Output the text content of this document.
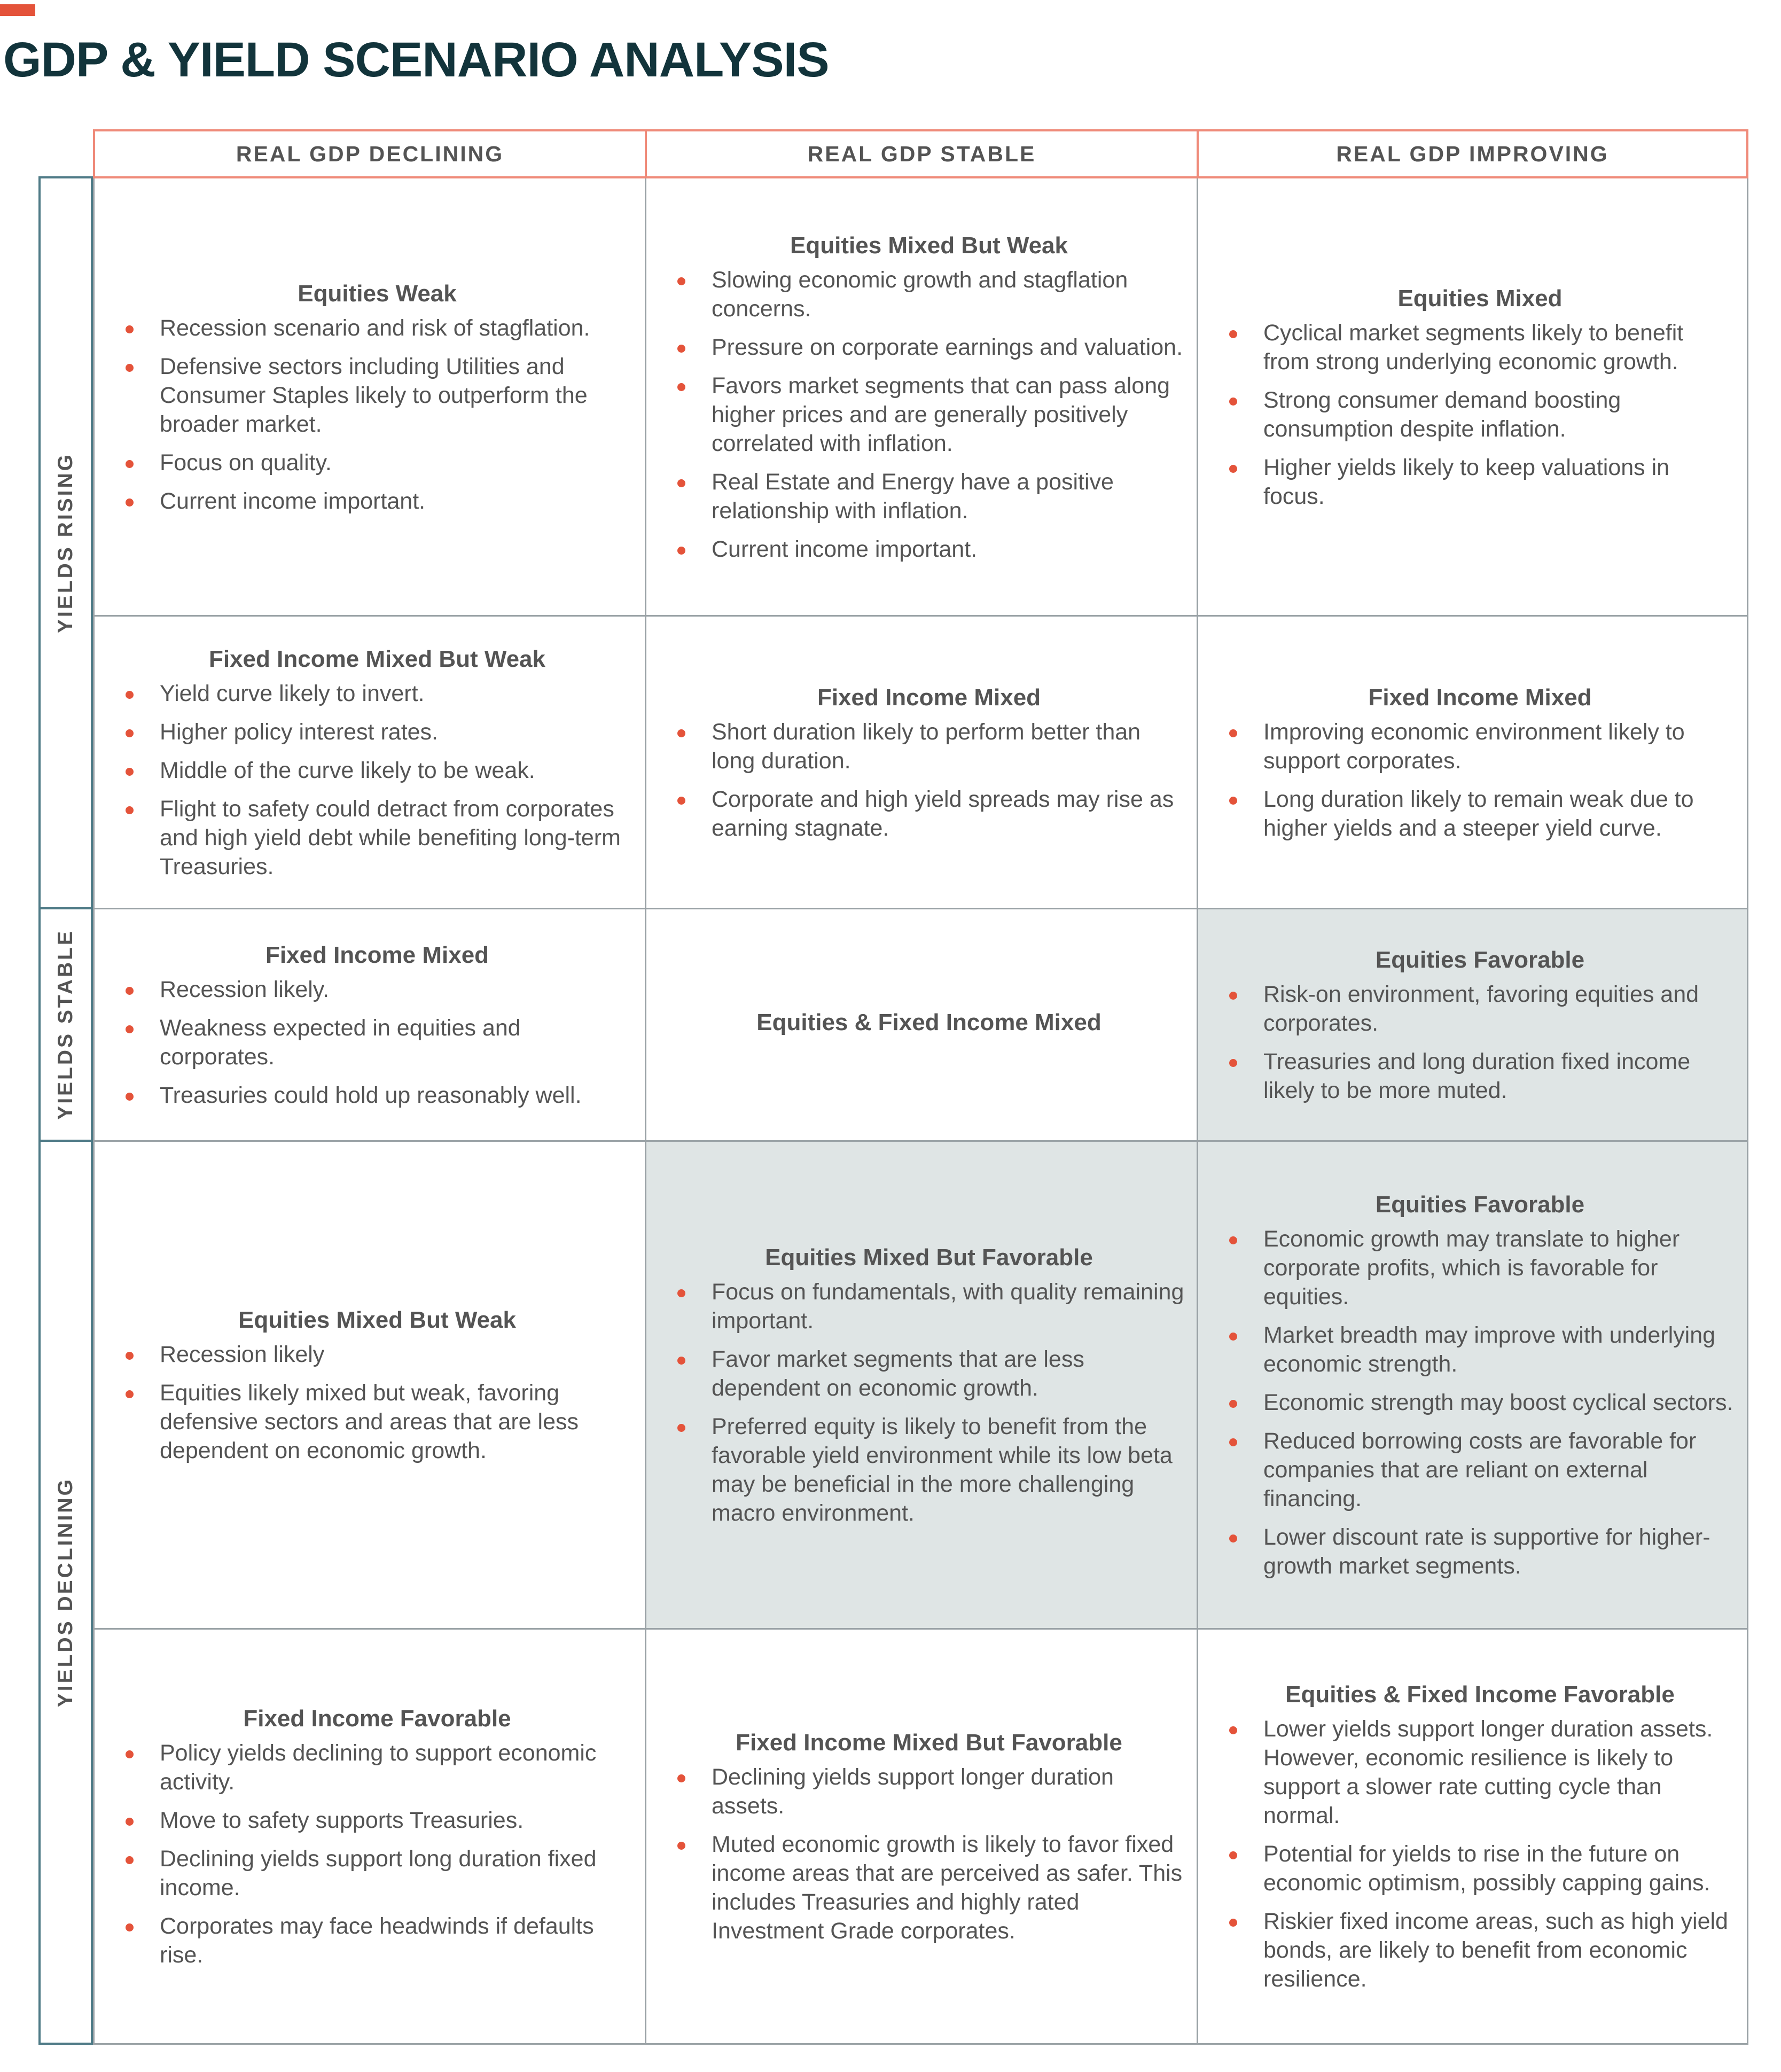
GDP & YIELD SCENARIO ANALYSIS
REAL GDP DECLINING	REAL GDP STABLE	REAL GDP IMPROVING
YIELDS RISING
YIELDS STABLE
YIELDS DECLINING
Equities Weak
Recession scenario and risk of stagflation.
Defensive sectors including Utilities and Consumer Staples likely to outperform the broader market.
Focus on quality.
Current income important.
Equities Mixed But Weak
Slowing economic growth and stagflation concerns.
Pressure on corporate earnings and valuation.
Favors market segments that can pass along higher prices and are generally positively correlated with inflation.
Real Estate and Energy have a positive relationship with inflation.
Current income important.
Equities Mixed
Cyclical market segments likely to benefit from strong underlying economic growth.
Strong consumer demand boosting consumption despite inflation.
Higher yields likely to keep valuations in focus.
Fixed Income Mixed But Weak
Yield curve likely to invert.
Higher policy interest rates.
Middle of the curve likely to be weak.
Flight to safety could detract from corporates and high yield debt while benefiting long-term Treasuries.
Fixed Income Mixed
Short duration likely to perform better than long duration.
Corporate and high yield spreads may rise as earning stagnate.
Fixed Income Mixed
Improving economic environment likely to support corporates.
Long duration likely to remain weak due to higher yields and a steeper yield curve.
Fixed Income Mixed
Recession likely.
Weakness expected in equities and corporates.
Treasuries could hold up reasonably well.
Equities & Fixed Income Mixed
Equities Favorable
Risk-on environment, favoring equities and corporates.
Treasuries and long duration fixed income likely to be more muted.
Equities Mixed But Weak
Recession likely
Equities likely mixed but weak, favoring defensive sectors and areas that are less dependent on economic growth.
Equities Mixed But Favorable
Focus on fundamentals, with quality remaining important.
Favor market segments that are less dependent on economic growth.
Preferred equity is likely to benefit from the favorable yield environment while its low beta may be beneficial in the more challenging macro environment.
Equities Favorable
Economic growth may translate to higher corporate profits, which is favorable for equities.
Market breadth may improve with underlying economic strength.
Economic strength may boost cyclical sectors.
Reduced borrowing costs are favorable for companies that are reliant on external financing.
Lower discount rate is supportive for higher-growth market segments.
Fixed Income Favorable
Policy yields declining to support economic activity.
Move to safety supports Treasuries.
Declining yields support long duration fixed income.
Corporates may face headwinds if defaults rise.
Fixed Income Mixed But Favorable
Declining yields support longer duration assets.
Muted economic growth is likely to favor fixed income areas that are perceived as safer. This includes Treasuries and highly rated Investment Grade corporates.
Equities & Fixed Income Favorable
Lower yields support longer duration assets. However, economic resilience is likely to support a slower rate cutting cycle than normal.
Potential for yields to rise in the future on economic optimism, possibly capping gains.
Riskier fixed income areas, such as high yield bonds, are likely to benefit from economic resilience.
